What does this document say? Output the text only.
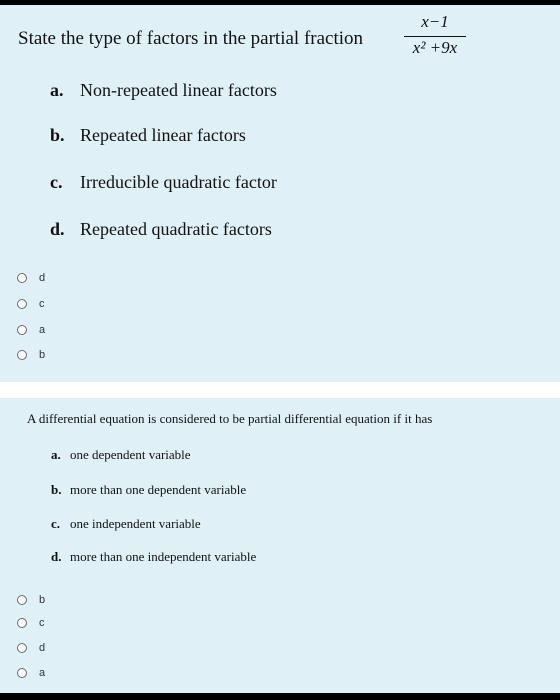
State the type of factors in the partial fraction
x−1
x² +9x
a. Non-repeated linear factors
b. Repeated linear factors
c. Irreducible quadratic factor
d. Repeated quadratic factors
d
c
a
b
A differential equation is considered to be partial differential equation if it has
a. one dependent variable
b. more than one dependent variable
c. one independent variable
d. more than one independent variable
b
c
d
a
